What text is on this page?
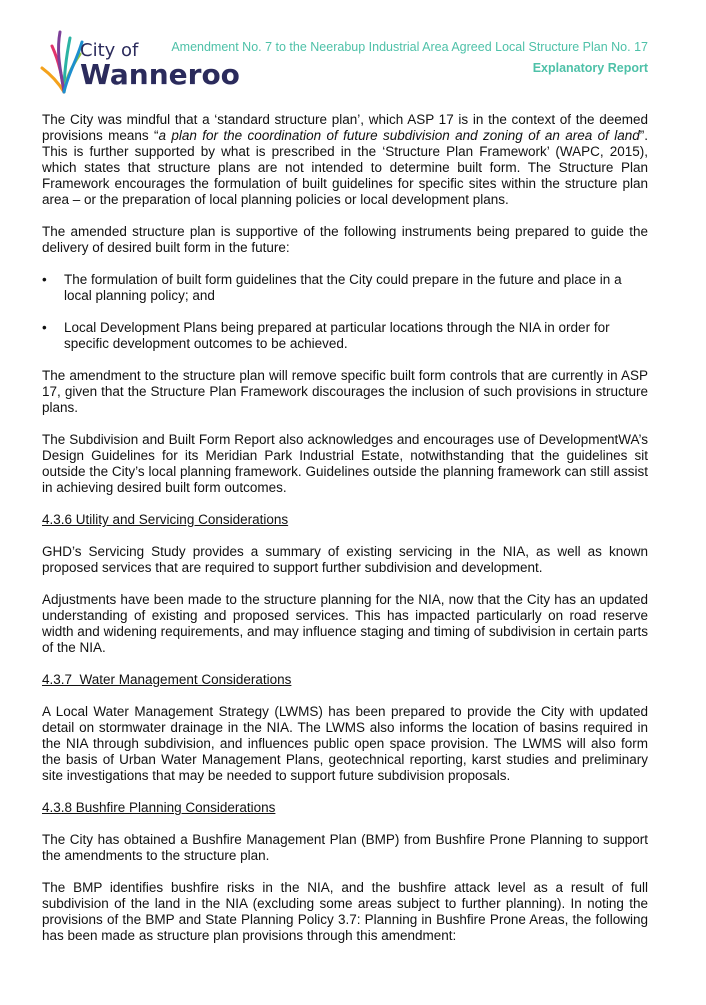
City of
Wanneroo
Amendment No. 7 to the Neerabup Industrial Area Agreed Local Structure Plan No. 17
Explanatory Report

The City was mindful that a ‘standard structure plan’, which ASP 17 is in the context of the deemed provisions means “a plan for the coordination of future subdivision and zoning of an area of land”. This is further supported by what is prescribed in the ‘Structure Plan Framework’ (WAPC, 2015), which states that structure plans are not intended to determine built form. The Structure Plan Framework encourages the formulation of built guidelines for specific sites within the structure plan area – or the preparation of local planning policies or local development plans.

The amended structure plan is supportive of the following instruments being prepared to guide the delivery of desired built form in the future:

• The formulation of built form guidelines that the City could prepare in the future and place in a local planning policy; and
• Local Development Plans being prepared at particular locations through the NIA in order for specific development outcomes to be achieved.

The amendment to the structure plan will remove specific built form controls that are currently in ASP 17, given that the Structure Plan Framework discourages the inclusion of such provisions in structure plans.

The Subdivision and Built Form Report also acknowledges and encourages use of DevelopmentWA’s Design Guidelines for its Meridian Park Industrial Estate, notwithstanding that the guidelines sit outside the City’s local planning framework. Guidelines outside the planning framework can still assist in achieving desired built form outcomes.

4.3.6 Utility and Servicing Considerations

GHD’s Servicing Study provides a summary of existing servicing in the NIA, as well as known proposed services that are required to support further subdivision and development.

Adjustments have been made to the structure planning for the NIA, now that the City has an updated understanding of existing and proposed services. This has impacted particularly on road reserve width and widening requirements, and may influence staging and timing of subdivision in certain parts of the NIA.

4.3.7  Water Management Considerations

A Local Water Management Strategy (LWMS) has been prepared to provide the City with updated detail on stormwater drainage in the NIA. The LWMS also informs the location of basins required in the NIA through subdivision, and influences public open space provision. The LWMS will also form the basis of Urban Water Management Plans, geotechnical reporting, karst studies and preliminary site investigations that may be needed to support future subdivision proposals.

4.3.8 Bushfire Planning Considerations

The City has obtained a Bushfire Management Plan (BMP) from Bushfire Prone Planning to support the amendments to the structure plan.

The BMP identifies bushfire risks in the NIA, and the bushfire attack level as a result of full subdivision of the land in the NIA (excluding some areas subject to further planning). In noting the provisions of the BMP and State Planning Policy 3.7: Planning in Bushfire Prone Areas, the following has been made as structure plan provisions through this amendment:
